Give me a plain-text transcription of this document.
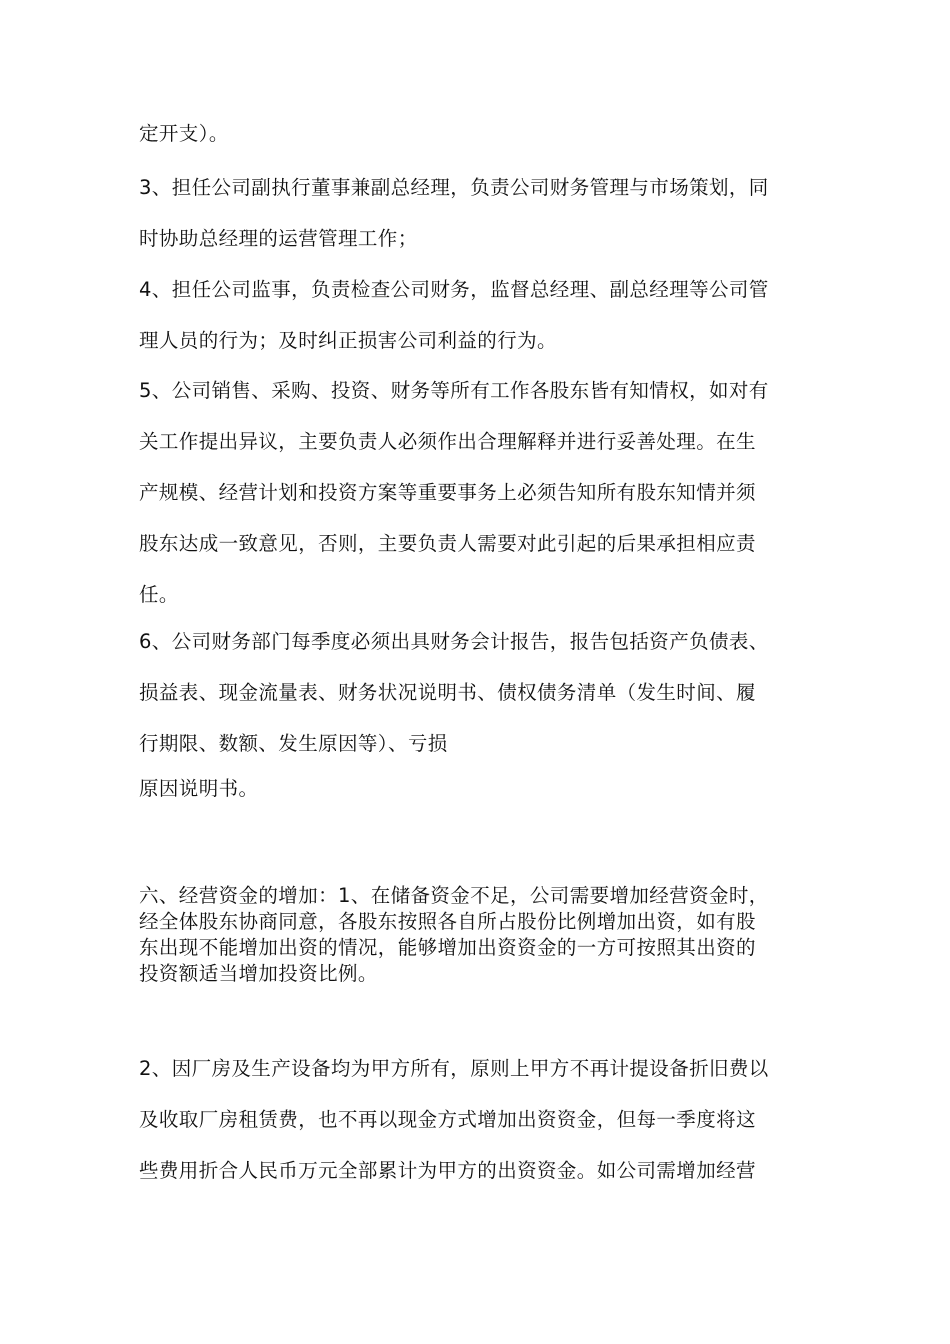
定开支）。
3、担任公司副执行董事兼副总经理，负责公司财务管理与市场策划，同
时协助总经理的运营管理工作；
4、担任公司监事，负责检查公司财务，监督总经理、副总经理等公司管
理人员的行为；及时纠正损害公司利益的行为。
5、公司销售、采购、投资、财务等所有工作各股东皆有知情权，如对有
关工作提出异议，主要负责人必须作出合理解释并进行妥善处理。在生
产规模、经营计划和投资方案等重要事务上必须告知所有股东知情并须
股东达成一致意见，否则，主要负责人需要对此引起的后果承担相应责
任。
6、公司财务部门每季度必须出具财务会计报告，报告包括资产负债表、
损益表、现金流量表、财务状况说明书、债权债务清单（发生时间、履
行期限、数额、发生原因等）、亏损
原因说明书。
六、经营资金的增加：1、在储备资金不足，公司需要增加经营资金时，
经全体股东协商同意，各股东按照各自所占股份比例增加出资，如有股
东出现不能增加出资的情况，能够增加出资资金的一方可按照其出资的
投资额适当增加投资比例。
2、因厂房及生产设备均为甲方所有，原则上甲方不再计提设备折旧费以
及收取厂房租赁费，也不再以现金方式增加出资资金，但每一季度将这
些费用折合人民币万元全部累计为甲方的出资资金。如公司需增加经营
